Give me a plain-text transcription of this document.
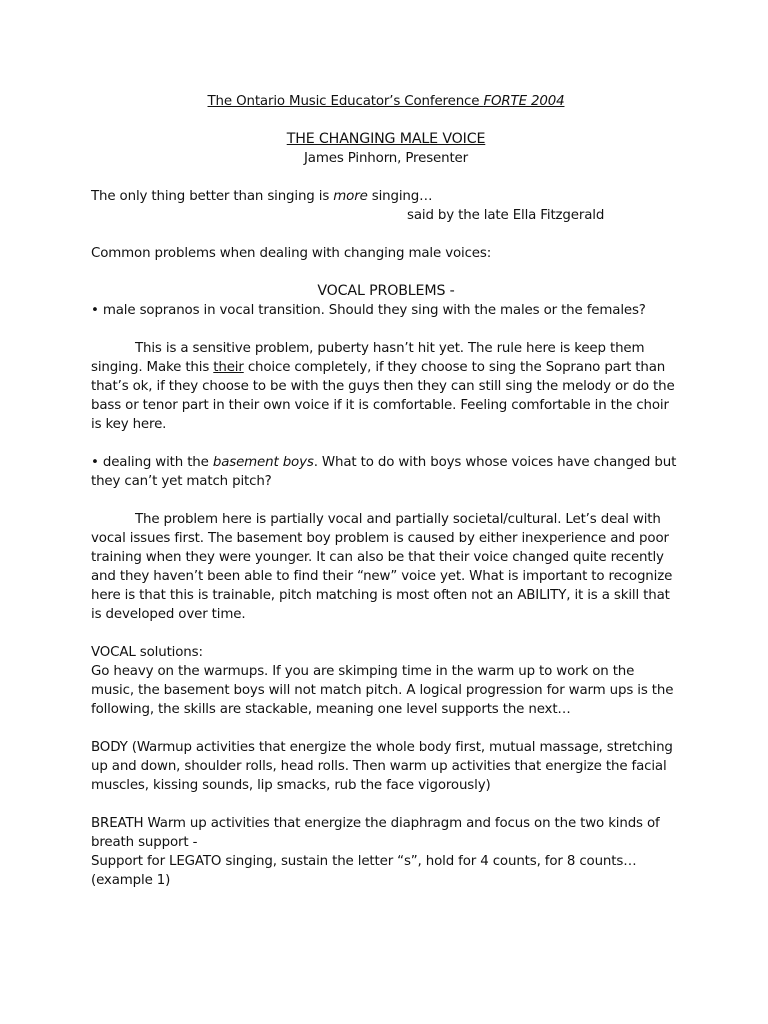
The Ontario Music Educator’s Conference FORTE 2004

THE CHANGING MALE VOICE

James Pinhorn, Presenter

The only thing better than singing is more singing…

said by the late Ella Fitzgerald

Common problems when dealing with changing male voices:

VOCAL PROBLEMS -

• male sopranos in vocal transition. Should they sing with the males or the females?

This is a sensitive problem, puberty hasn’t hit yet. The rule here is keep them singing. Make this their choice completely, if they choose to sing the Soprano part than that’s ok, if they choose to be with the guys then they can still sing the melody or do the bass or tenor part in their own voice if it is comfortable. Feeling comfortable in the choir is key here.

• dealing with the basement boys. What to do with boys whose voices have changed but they can’t yet match pitch?

The problem here is partially vocal and partially societal/cultural. Let’s deal with vocal issues first. The basement boy problem is caused by either inexperience and poor training when they were younger. It can also be that their voice changed quite recently and they haven’t been able to find their “new” voice yet. What is important to recognize here is that this is trainable, pitch matching is most often not an ABILITY, it is a skill that is developed over time.

VOCAL solutions:

Go heavy on the warmups. If you are skimping time in the warm up to work on the music, the basement boys will not match pitch. A logical progression for warm ups is the following, the skills are stackable, meaning one level supports the next…

BODY (Warmup activities that energize the whole body first, mutual massage, stretching up and down, shoulder rolls, head rolls. Then warm up activities that energize the facial muscles, kissing sounds, lip smacks, rub the face vigorously)

BREATH Warm up activities that energize the diaphragm and focus on the two kinds of breath support -

Support for LEGATO singing, sustain the letter “s”, hold for 4 counts, for 8 counts…

(example 1)
